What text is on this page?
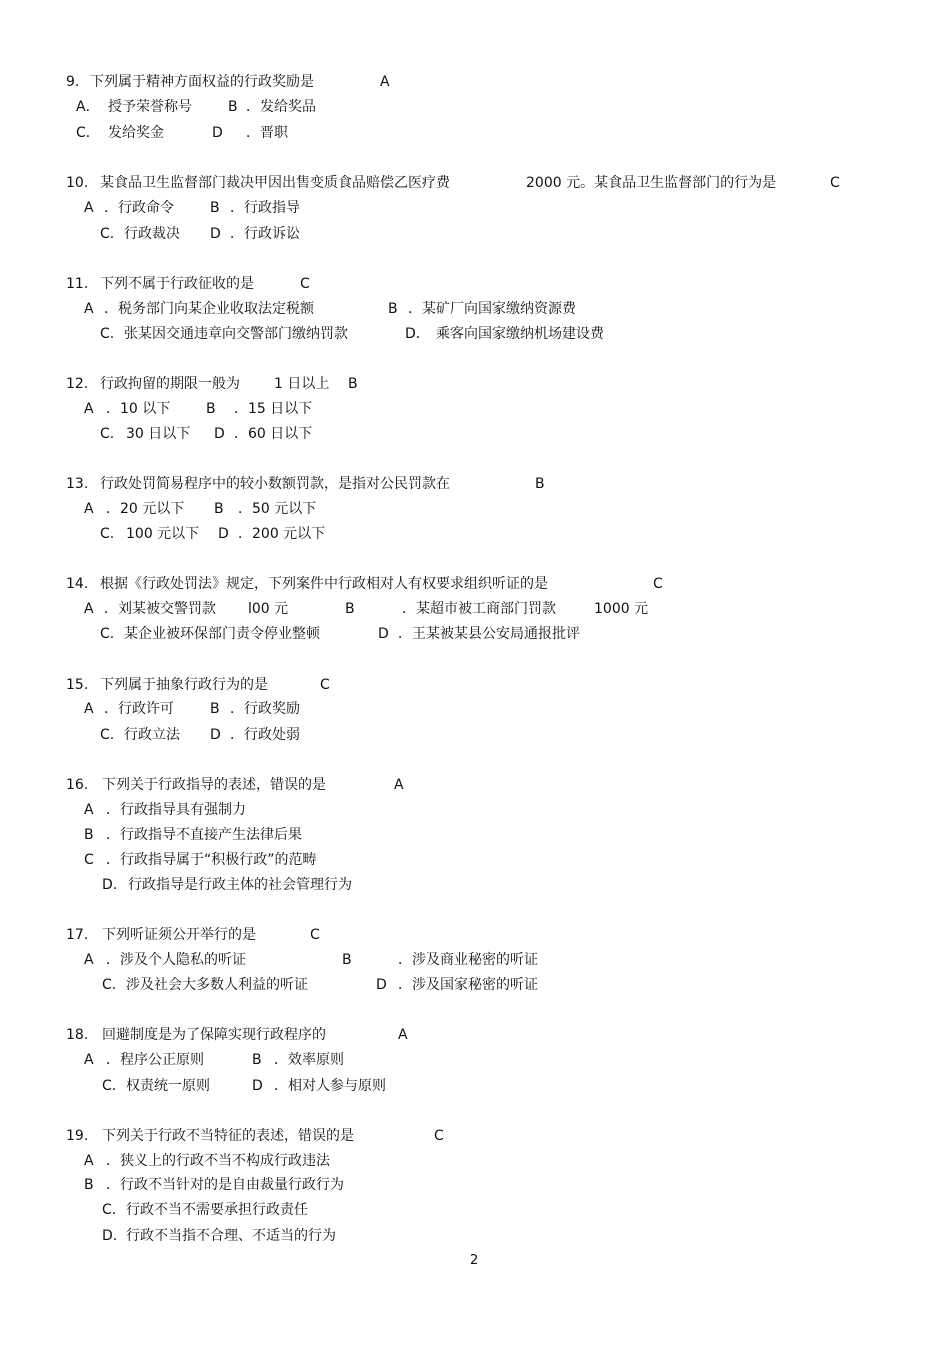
9. 下列属于精神方面权益的行政奖励是	A
A． 授予荣誉称号	B ．发给奖品
C． 发给奖金	D ．晋职
10. 某食品卫生监督部门裁决甲因出售变质食品赔偿乙医疗费	2000 元。某食品卫生监督部门的行为是	C
A ．行政命令	B ．行政指导
C. 行政裁决 D ．行政诉讼
11. 下列不属于行政征收的是	C
A ．税务部门向某企业收取法定税额	B ．某矿厂向国家缴纳资源费
C. 张某因交通违章向交警部门缴纳罚款	D． 乘客向国家缴纳机场建设费
12. 行政拘留的期限一般为 1 日以上 B
A ．10 以下	B ．15 日以下
C. 30 日以下 D ．60 日以下
13. 行政处罚简易程序中的较小数额罚款，是指对公民罚款在	B
A ．20 元以下 B ．50 元以下
C. 100 元以下 D ．200 元以下
14. 根据《行政处罚法》规定，下列案件中行政相对人有权要求组织听证的是	C
A ．刘某被交警罚款 l00 元	B	．某超市被工商部门罚款	1000 元
C. 某企业被环保部门责令停业整顿	D ．王某被某县公安局通报批评
15. 下列属于抽象行政行为的是	C
A ．行政许可	B ．行政奖励
C. 行政立法 D ．行政处弱
16. 下列关于行政指导的表述，错误的是	A
A ．行政指导具有强制力
B ．行政指导不直接产生法律后果
C ．行政指导属于“积极行政”的范畴
D. 行政指导是行政主体的社会管理行为
17. 下列听证须公开举行的是	C
A ．涉及个人隐私的听证	B	．涉及商业秘密的听证
C. 涉及社会大多数人利益的听证	D ．涉及国家秘密的听证
18. 回避制度是为了保障实现行政程序的	A
A ．程序公正原则	B ．效率原则
C. 权责统一原则	D ．相对人参与原则
19. 下列关于行政不当特征的表述，错误的是	C
A ．狭义上的行政不当不构成行政违法
B ．行政不当针对的是自由裁量行政行为
C. 行政不当不需要承担行政责任
D. 行政不当指不合理、不适当的行为
2
